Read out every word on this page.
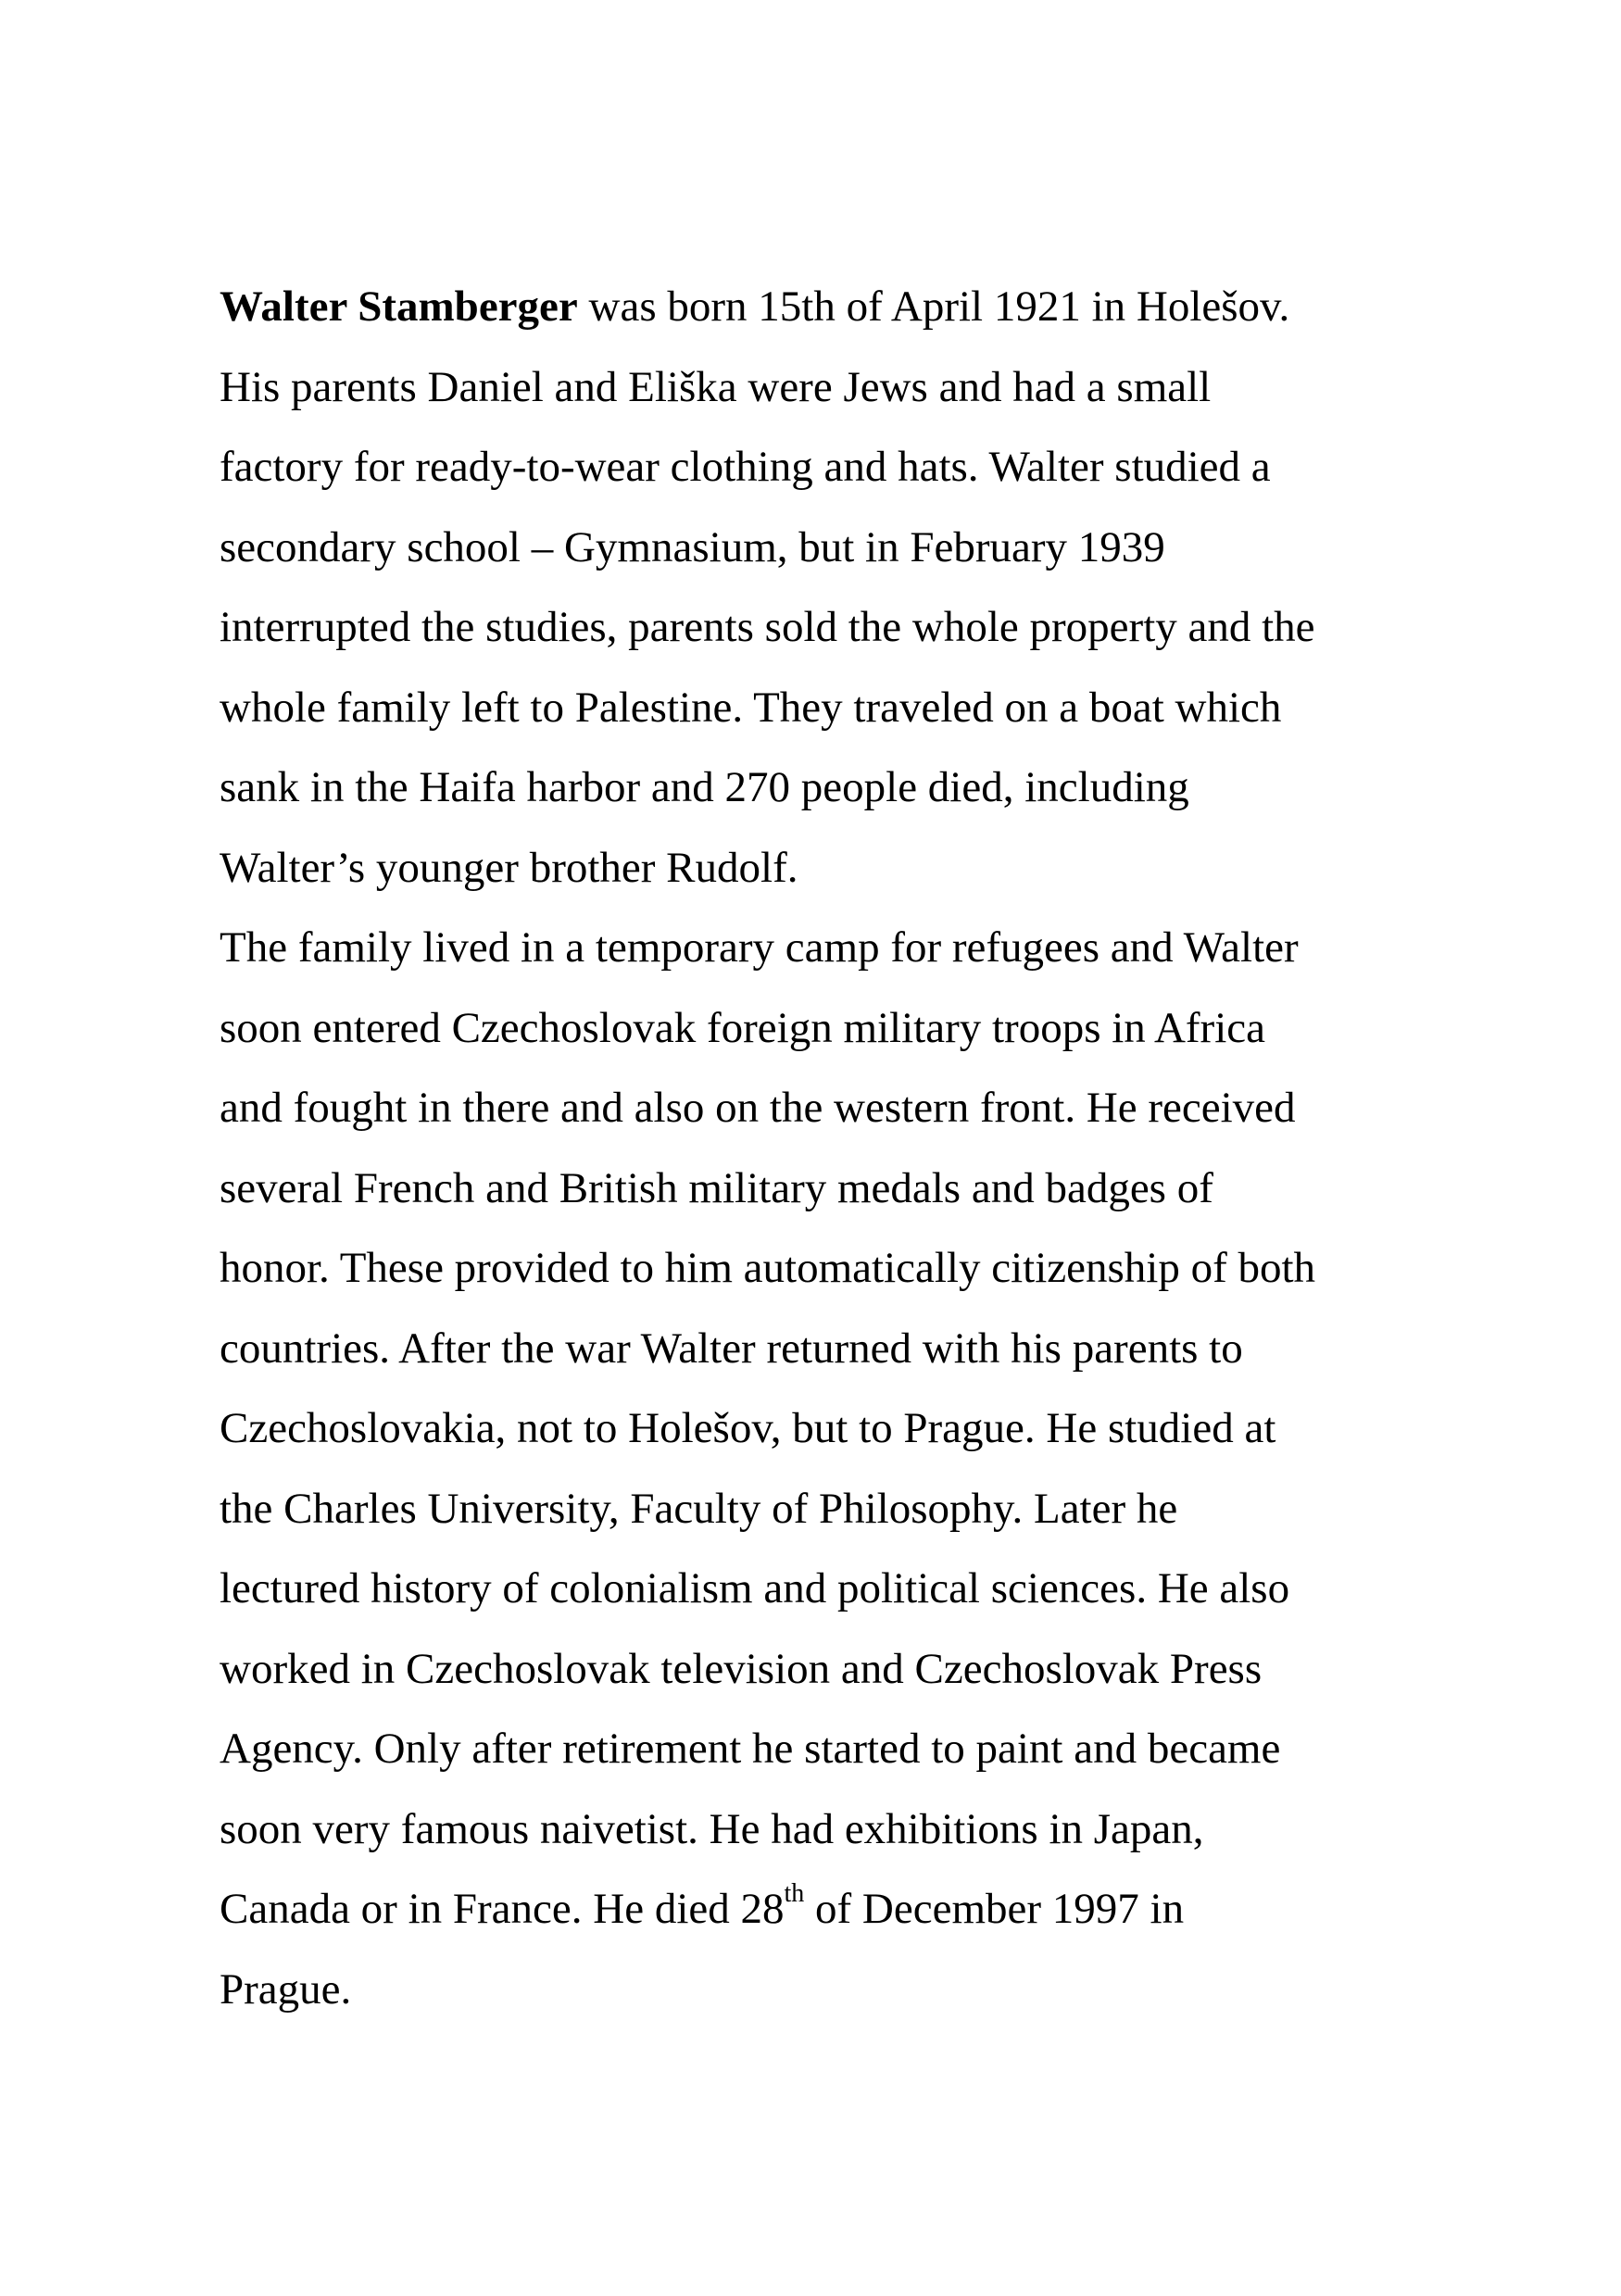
Walter Stamberger was born 15th of April 1921 in Holešov.
His parents Daniel and Eliška were Jews and had a small
factory for ready-to-wear clothing and hats. Walter studied a
secondary school – Gymnasium, but in February 1939
interrupted the studies, parents sold the whole property and the
whole family left to Palestine. They traveled on a boat which
sank in the Haifa harbor and 270 people died, including
Walter’s younger brother Rudolf.
The family lived in a temporary camp for refugees and Walter
soon entered Czechoslovak foreign military troops in Africa
and fought in there and also on the western front. He received
several French and British military medals and badges of
honor. These provided to him automatically citizenship of both
countries. After the war Walter returned with his parents to
Czechoslovakia, not to Holešov, but to Prague. He studied at
the Charles University, Faculty of Philosophy. Later he
lectured history of colonialism and political sciences. He also
worked in Czechoslovak television and Czechoslovak Press
Agency. Only after retirement he started to paint and became
soon very famous naivetist. He had exhibitions in Japan,
Canada or in France. He died 28th of December 1997 in
Prague.
